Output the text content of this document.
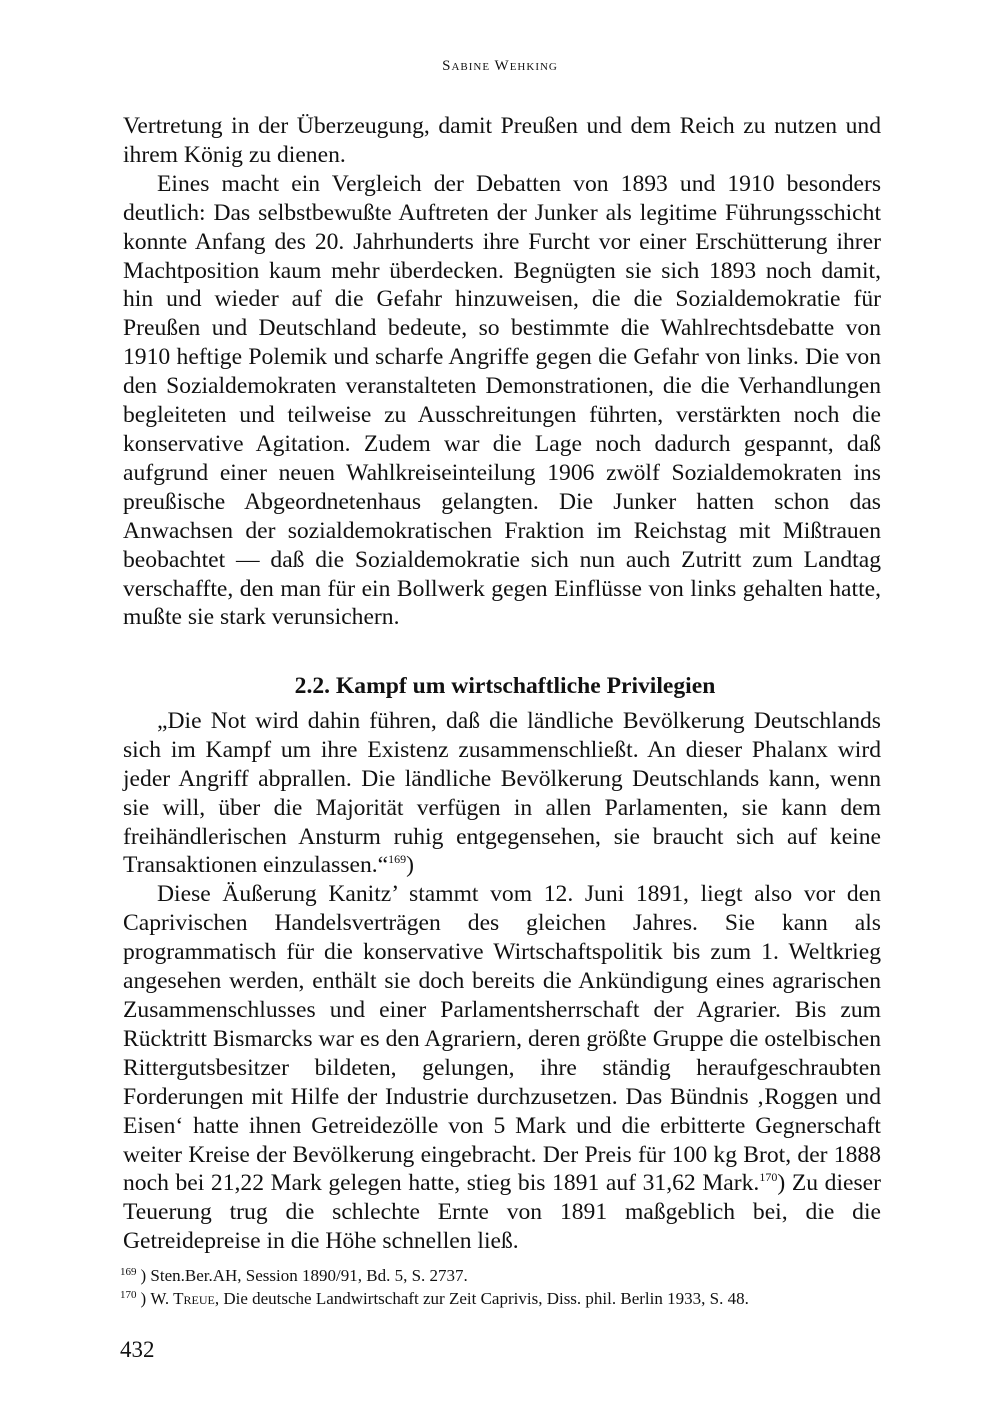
Sabine Wehking

Vertretung in der Überzeugung, damit Preußen und dem Reich zu nutzen und ihrem König zu dienen.

Eines macht ein Vergleich der Debatten von 1893 und 1910 besonders deutlich: Das selbstbewußte Auftreten der Junker als legitime Führungsschicht konnte Anfang des 20. Jahrhunderts ihre Furcht vor einer Erschütterung ihrer Machtposition kaum mehr überdecken. Begnügten sie sich 1893 noch damit, hin und wieder auf die Gefahr hinzuweisen, die die Sozialdemokratie für Preußen und Deutschland bedeute, so bestimmte die Wahlrechtsdebatte von 1910 heftige Polemik und scharfe Angriffe gegen die Gefahr von links. Die von den Sozialdemokraten veranstalteten Demonstrationen, die die Verhandlungen begleiteten und teilweise zu Ausschreitungen führten, verstärkten noch die konservative Agitation. Zudem war die Lage noch dadurch gespannt, daß aufgrund einer neuen Wahlkreiseinteilung 1906 zwölf Sozialdemokraten ins preußische Abgeordnetenhaus gelangten. Die Junker hatten schon das Anwachsen der sozialdemokratischen Fraktion im Reichstag mit Mißtrauen beobachtet — daß die Sozialdemokratie sich nun auch Zutritt zum Landtag verschaffte, den man für ein Bollwerk gegen Einflüsse von links gehalten hatte, mußte sie stark verunsichern.

2.2. Kampf um wirtschaftliche Privilegien

„Die Not wird dahin führen, daß die ländliche Bevölkerung Deutschlands sich im Kampf um ihre Existenz zusammenschließt. An dieser Phalanx wird jeder Angriff abprallen. Die ländliche Bevölkerung Deutschlands kann, wenn sie will, über die Majorität verfügen in allen Parlamenten, sie kann dem freihändlerischen Ansturm ruhig entgegensehen, sie braucht sich auf keine Transaktionen einzulassen.“$^{169}$)

Diese Äußerung Kanitz’ stammt vom 12. Juni 1891, liegt also vor den Caprivischen Handelsverträgen des gleichen Jahres. Sie kann als programmatisch für die konservative Wirtschaftspolitik bis zum 1. Weltkrieg angesehen werden, enthält sie doch bereits die Ankündigung eines agrarischen Zusammenschlusses und einer Parlamentsherrschaft der Agrarier. Bis zum Rücktritt Bismarcks war es den Agrariern, deren größte Gruppe die ostelbischen Rittergutsbesitzer bildeten, gelungen, ihre ständig heraufgeschraubten Forderungen mit Hilfe der Industrie durchzusetzen. Das Bündnis ‚Roggen und Eisen‘ hatte ihnen Getreidezölle von 5 Mark und die erbitterte Gegnerschaft weiter Kreise der Bevölkerung eingebracht. Der Preis für 100 kg Brot, der 1888 noch bei 21,22 Mark gelegen hatte, stieg bis 1891 auf 31,62 Mark.$^{170}$) Zu dieser Teuerung trug die schlechte Ernte von 1891 maßgeblich bei, die die Getreidepreise in die Höhe schnellen ließ.

$^{169}$ ) Sten.Ber.AH, Session 1890/91, Bd. 5, S. 2737.

$^{170}$ ) W. Treue, Die deutsche Landwirtschaft zur Zeit Caprivis, Diss. phil. Berlin 1933, S. 48.

432
